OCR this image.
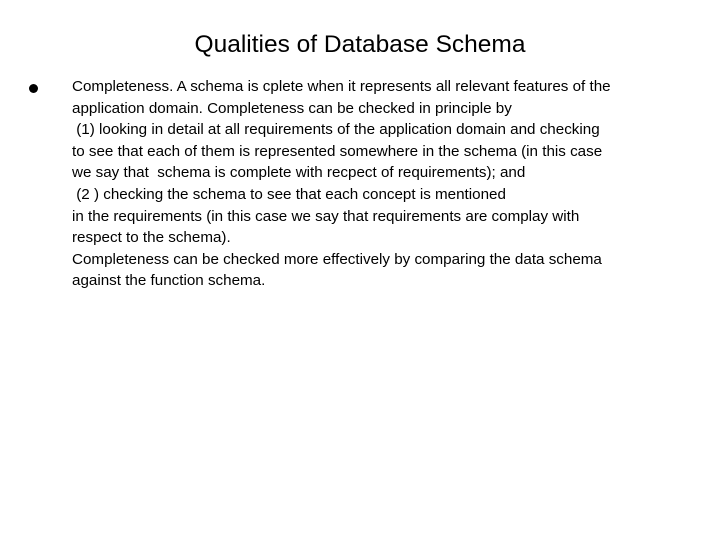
Qualities of Database Schema
Completeness. A schema is cplete when it represents all relevant features of the
application domain. Completeness can be checked in principle by
(1) looking in detail at all requirements of the application domain and checking
to see that each of them is represented somewhere in the schema (in this case
we say that  schema is complete with recpect of requirements); and
(2 ) checking the schema to see that each concept is mentioned
in the requirements (in this case we say that requirements are complay with
respect to the schema).
Completeness can be checked more effectively by comparing the data schema
against the function schema.
